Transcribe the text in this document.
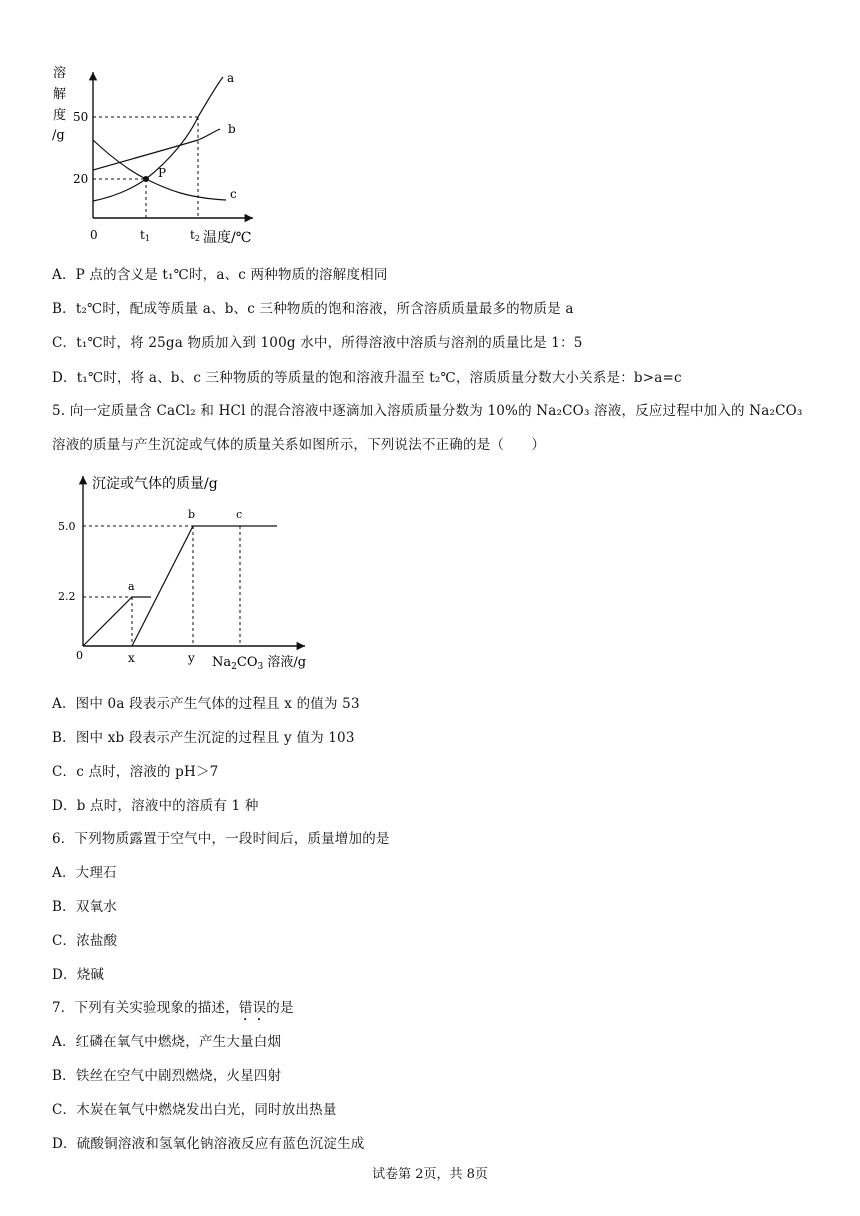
溶
解
度
/g
50
20
0	t1	t2 温度/℃
a
b
c
P
A．P 点的含义是 t₁℃时，a、c 两种物质的溶解度相同
B．t₂℃时，配成等质量 a、b、c 三种物质的饱和溶液，所含溶质质量最多的物质是 a
C．t₁℃时，将 25ga 物质加入到 100g 水中，所得溶液中溶质与溶剂的质量比是 1：5
D．t₁℃时，将 a、b、c 三种物质的等质量的饱和溶液升温至 t₂℃，溶质质量分数大小关系是：b>a=c
5. 向一定质量含 CaCl₂ 和 HCl 的混合溶液中逐滴加入溶质质量分数为 10%的 Na₂CO₃ 溶液，反应过程中加入的 Na₂CO₃
溶液的质量与产生沉淀或气体的质量关系如图所示，下列说法不正确的是（　　）
沉淀或气体的质量/g
5.0
2.2
0	x	y $Na_2CO_3$ 溶液/g
a
b	c
A．图中 0a 段表示产生气体的过程且 x 的值为 53
B．图中 xb 段表示产生沉淀的过程且 y 值为 103
C．c 点时，溶液的 pH＞7
D．b 点时，溶液中的溶质有 1 种
6．下列物质露置于空气中，一段时间后，质量增加的是
A．大理石
B．双氧水
C．浓盐酸
D．烧碱
7．下列有关实验现象的描述，错误的是
A．红磷在氧气中燃烧，产生大量白烟
B．铁丝在空气中剧烈燃烧，火星四射
C．木炭在氧气中燃烧发出白光，同时放出热量
D．硫酸铜溶液和氢氧化钠溶液反应有蓝色沉淀生成
试卷第 2页，共 8页
